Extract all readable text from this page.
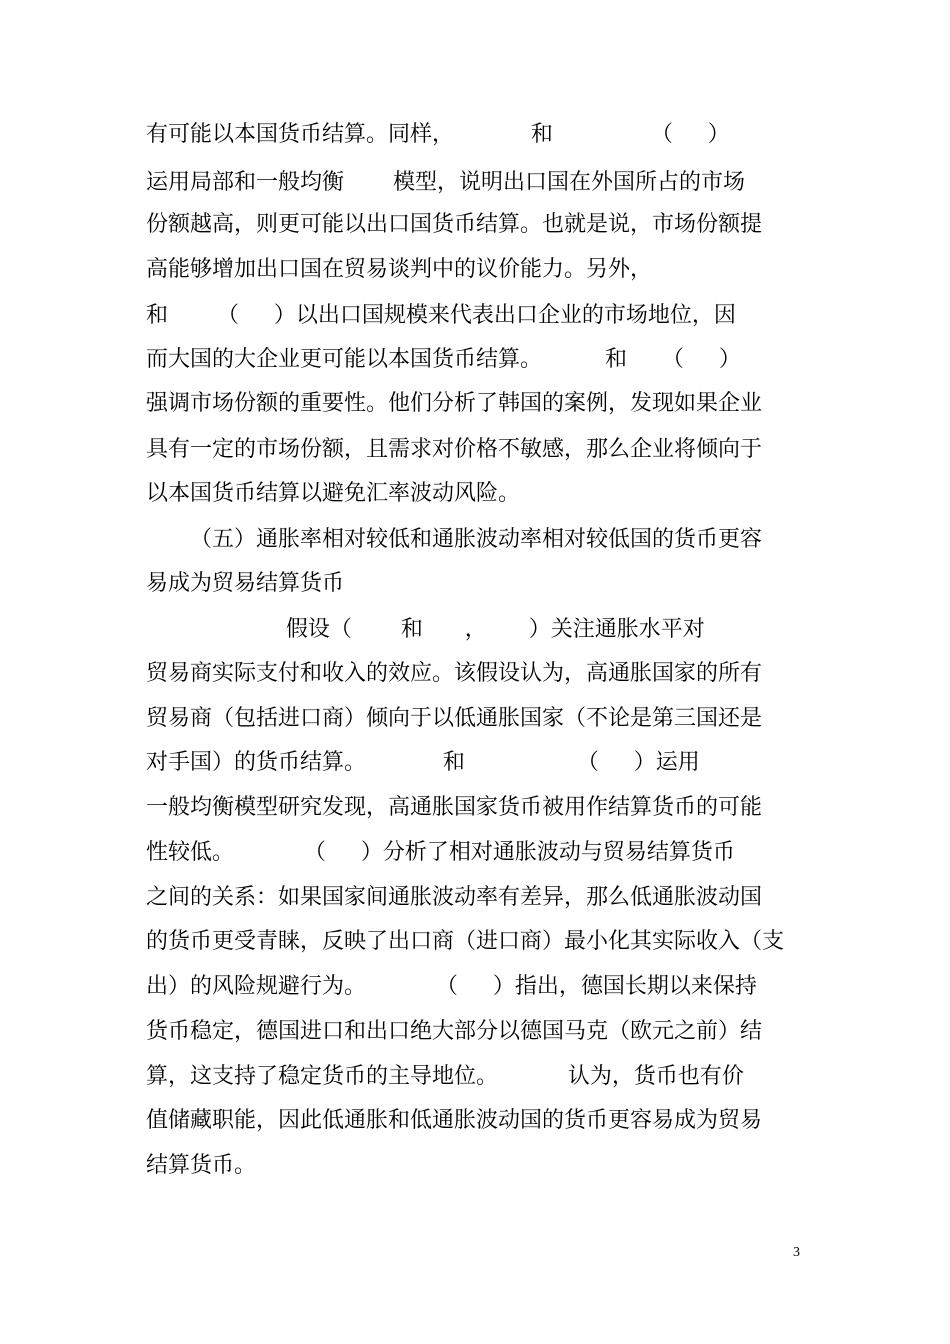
有可能以本国货币结算。同样，           和              （     ）
运用局部和一般均衡       模型，说明出口国在外国所占的市场
份额越高，则更可能以出口国货币结算。也就是说，市场份额提
高能够增加出口国在贸易谈判中的议价能力。另外，
和       （     ）以出口国规模来代表出口企业的市场地位，因
而大国的大企业更可能以本国货币结算。         和     （     ）
强调市场份额的重要性。他们分析了韩国的案例，发现如果企业
具有一定的市场份额，且需求对价格不敏感，那么企业将倾向于
以本国货币结算以避免汇率波动风险。
（五）通胀率相对较低和通胀波动率相对较低国的货币更容
易成为贸易结算货币
假设（       和      ，      ）关注通胀水平对
贸易商实际支付和收入的效应。该假设认为，高通胀国家的所有
贸易商（包括进口商）倾向于以低通胀国家（不论是第三国还是
对手国）的货币结算。           和                （     ）运用
一般均衡模型研究发现，高通胀国家货币被用作结算货币的可能
性较低。          （     ）分析了相对通胀波动与贸易结算货币
之间的关系：如果国家间通胀波动率有差异，那么低通胀波动国
的货币更受青睐，反映了出口商（进口商）最小化其实际收入（支
出）的风险规避行为。          （     ）指出，德国长期以来保持
货币稳定，德国进口和出口绝大部分以德国马克（欧元之前）结
算，这支持了稳定货币的主导地位。          认为，货币也有价
值储藏职能，因此低通胀和低通胀波动国的货币更容易成为贸易
结算货币。
3
